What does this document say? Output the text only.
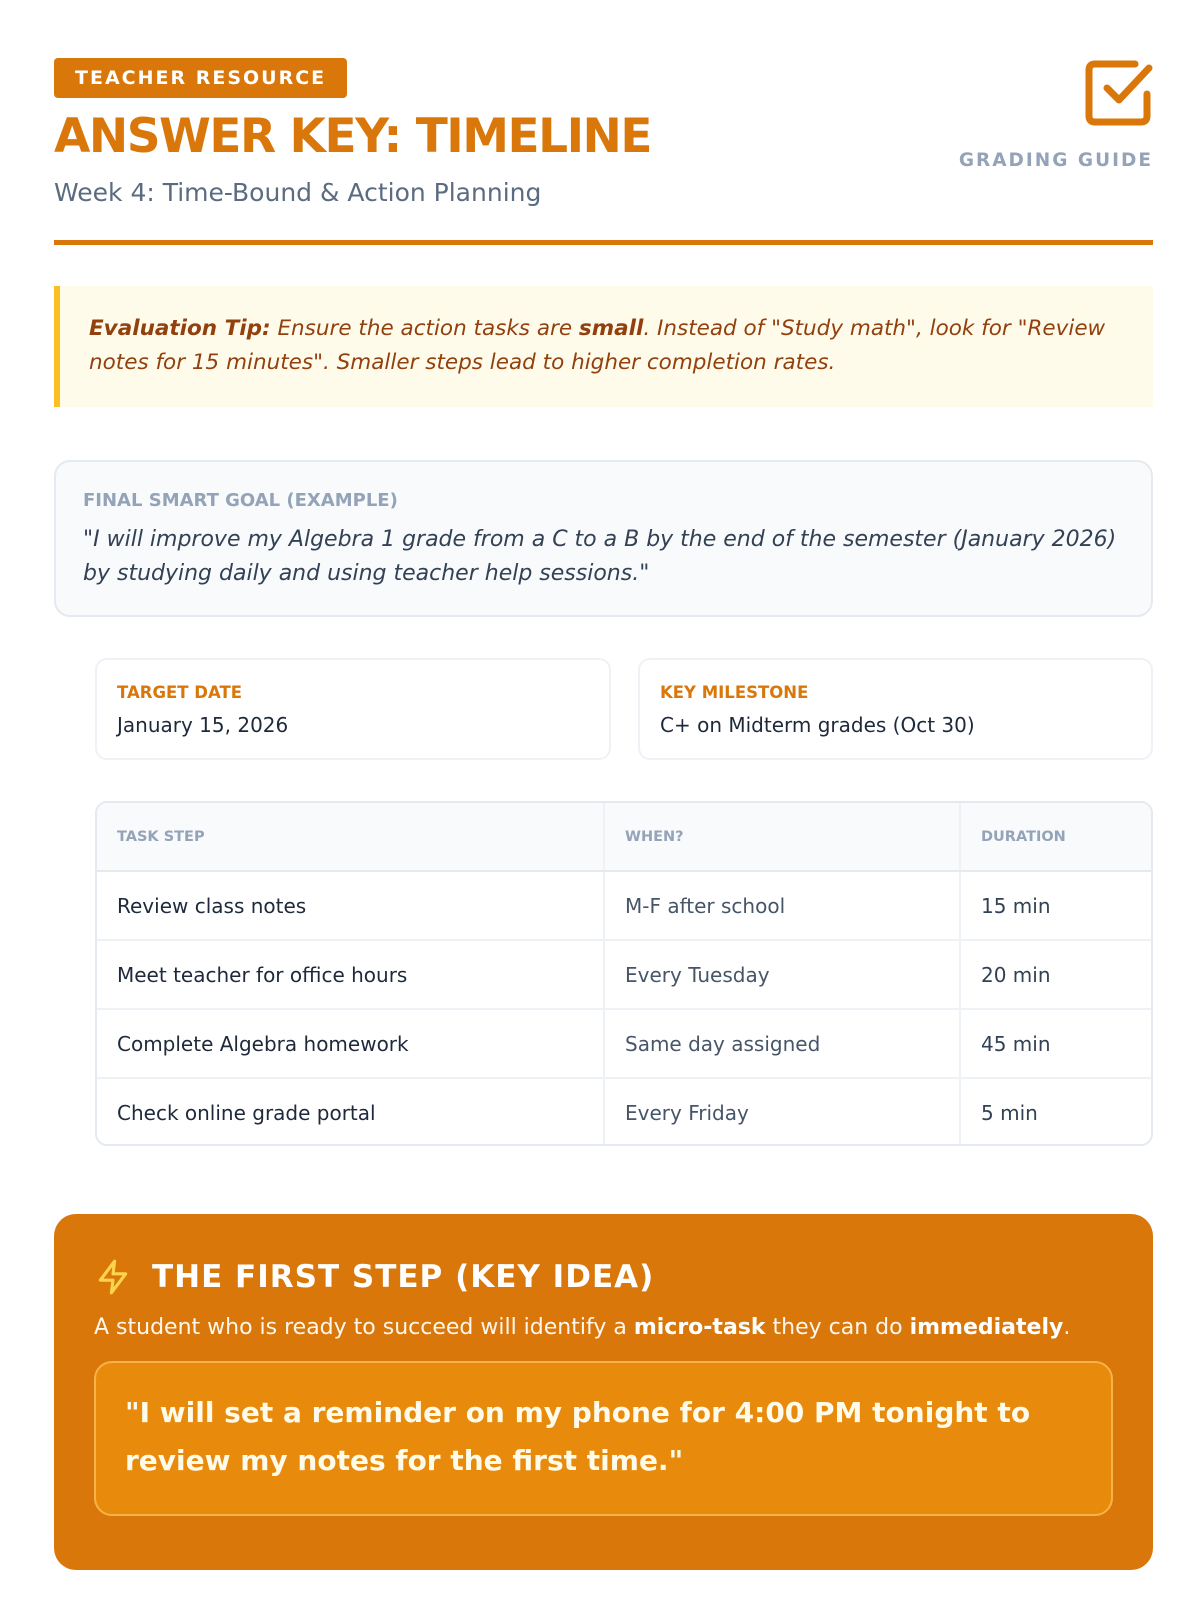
TEACHER RESOURCE
ANSWER KEY: TIMELINE
Week 4: Time-Bound & Action Planning
GRADING GUIDE

Evaluation Tip: Ensure the action tasks are small. Instead of "Study math", look for "Review notes for 15 minutes". Smaller steps lead to higher completion rates.

FINAL SMART GOAL (EXAMPLE)
"I will improve my Algebra 1 grade from a C to a B by the end of the semester (January 2026) by studying daily and using teacher help sessions."
TARGET DATE
January 15, 2026
KEY MILESTONE
C+ on Midterm grades (Oct 30)
TASK STEP	WHEN?	DURATION
Review class notes	M-F after school	15 min
Meet teacher for office hours	Every Tuesday	20 min
Complete Algebra homework	Same day assigned	45 min
Check online grade portal	Every Friday	5 min
THE FIRST STEP (KEY IDEA)
A student who is ready to succeed will identify a micro-task they can do immediately.

"I will set a reminder on my phone for 4:00 PM tonight to review my notes for the first time."
